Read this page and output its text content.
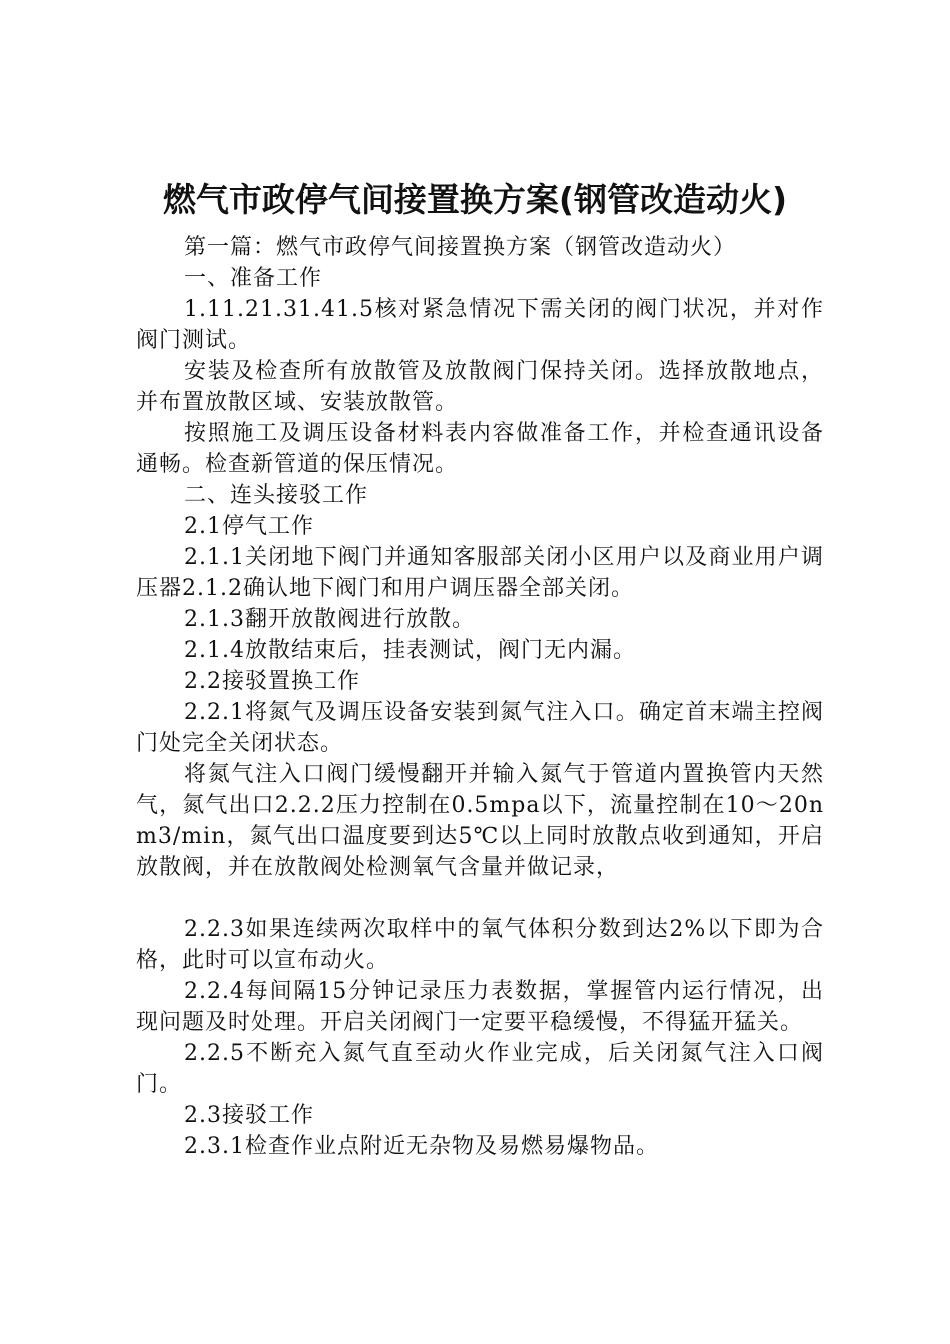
燃气市政停气间接置换方案(钢管改造动火)

第一篇：燃气市政停气间接置换方案（钢管改造动火）

一、准备工作

1.11.21.31.41.5核对紧急情况下需关闭的阀门状况，并对作阀门测试。

安装及检查所有放散管及放散阀门保持关闭。选择放散地点，并布置放散区域、安装放散管。

按照施工及调压设备材料表内容做准备工作，并检查通讯设备通畅。检查新管道的保压情况。

二、连头接驳工作

2.1停气工作

2.1.1关闭地下阀门并通知客服部关闭小区用户以及商业用户调压器2.1.2确认地下阀门和用户调压器全部关闭。

2.1.3翻开放散阀进行放散。

2.1.4放散结束后，挂表测试，阀门无内漏。

2.2接驳置换工作

2.2.1将氮气及调压设备安装到氮气注入口。确定首末端主控阀门处完全关闭状态。

将氮气注入口阀门缓慢翻开并输入氮气于管道内置换管内天然气，氮气出口2.2.2压力控制在0.5mpa以下，流量控制在10～20nm3/min，氮气出口温度要到达5℃以上同时放散点收到通知，开启放散阀，并在放散阀处检测氧气含量并做记录，

2.2.3如果连续两次取样中的氧气体积分数到达2%以下即为合格，此时可以宣布动火。

2.2.4每间隔15分钟记录压力表数据，掌握管内运行情况，出现问题及时处理。开启关闭阀门一定要平稳缓慢，不得猛开猛关。

2.2.5不断充入氮气直至动火作业完成，后关闭氮气注入口阀门。

2.3接驳工作

2.3.1检查作业点附近无杂物及易燃易爆物品。
